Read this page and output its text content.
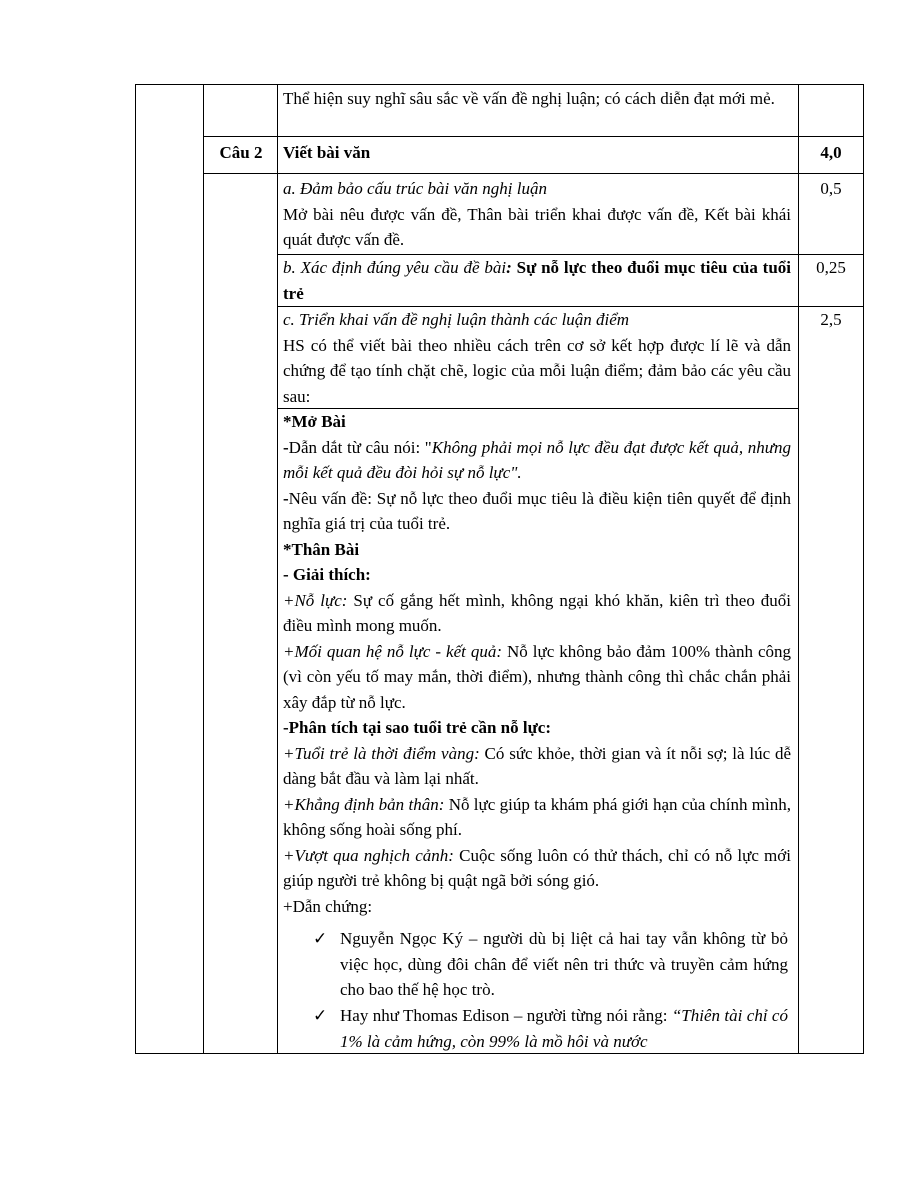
Thể hiện suy nghĩ sâu sắc về vấn đề nghị luận; có cách diễn đạt mới mẻ.
Câu 2	Viết bài văn	4,0
a. Đảm bảo cấu trúc bài văn nghị luận
Mở bài nêu được vấn đề, Thân bài triển khai được vấn đề, Kết bài khái quát được vấn đề.
0,5
b. Xác định đúng yêu cầu đề bài: Sự nỗ lực theo đuổi mục tiêu của tuổi trẻ
0,25
c. Triển khai vấn đề nghị luận thành các luận điểm
HS có thể viết bài theo nhiều cách trên cơ sở kết hợp được lí lẽ và dẫn chứng để tạo tính chặt chẽ, logic của mỗi luận điểm; đảm bảo các yêu cầu sau:
2,5
*Mở Bài
-Dẫn dắt từ câu nói: "Không phải mọi nỗ lực đều đạt được kết quả, nhưng mỗi kết quả đều đòi hỏi sự nỗ lực".
-Nêu vấn đề: Sự nỗ lực theo đuổi mục tiêu là điều kiện tiên quyết để định nghĩa giá trị của tuổi trẻ.
*Thân Bài
- Giải thích:
+Nỗ lực: Sự cố gắng hết mình, không ngại khó khăn, kiên trì theo đuổi điều mình mong muốn.
+Mối quan hệ nỗ lực - kết quả: Nỗ lực không bảo đảm 100% thành công (vì còn yếu tố may mắn, thời điểm), nhưng thành công thì chắc chắn phải xây đắp từ nỗ lực.
-Phân tích tại sao tuổi trẻ cần nỗ lực:
+Tuổi trẻ là thời điểm vàng: Có sức khỏe, thời gian và ít nỗi sợ; là lúc dễ dàng bắt đầu và làm lại nhất.
+Khẳng định bản thân: Nỗ lực giúp ta khám phá giới hạn của chính mình, không sống hoài sống phí.
+Vượt qua nghịch cảnh: Cuộc sống luôn có thử thách, chỉ có nỗ lực mới giúp người trẻ không bị quật ngã bởi sóng gió.
+Dẫn chứng:
✓ Nguyễn Ngọc Ký – người dù bị liệt cả hai tay vẫn không từ bỏ việc học, dùng đôi chân để viết nên tri thức và truyền cảm hứng cho bao thế hệ học trò.
✓ Hay như Thomas Edison – người từng nói rằng: “Thiên tài chỉ có 1% là cảm hứng, còn 99% là mồ hôi và nước
